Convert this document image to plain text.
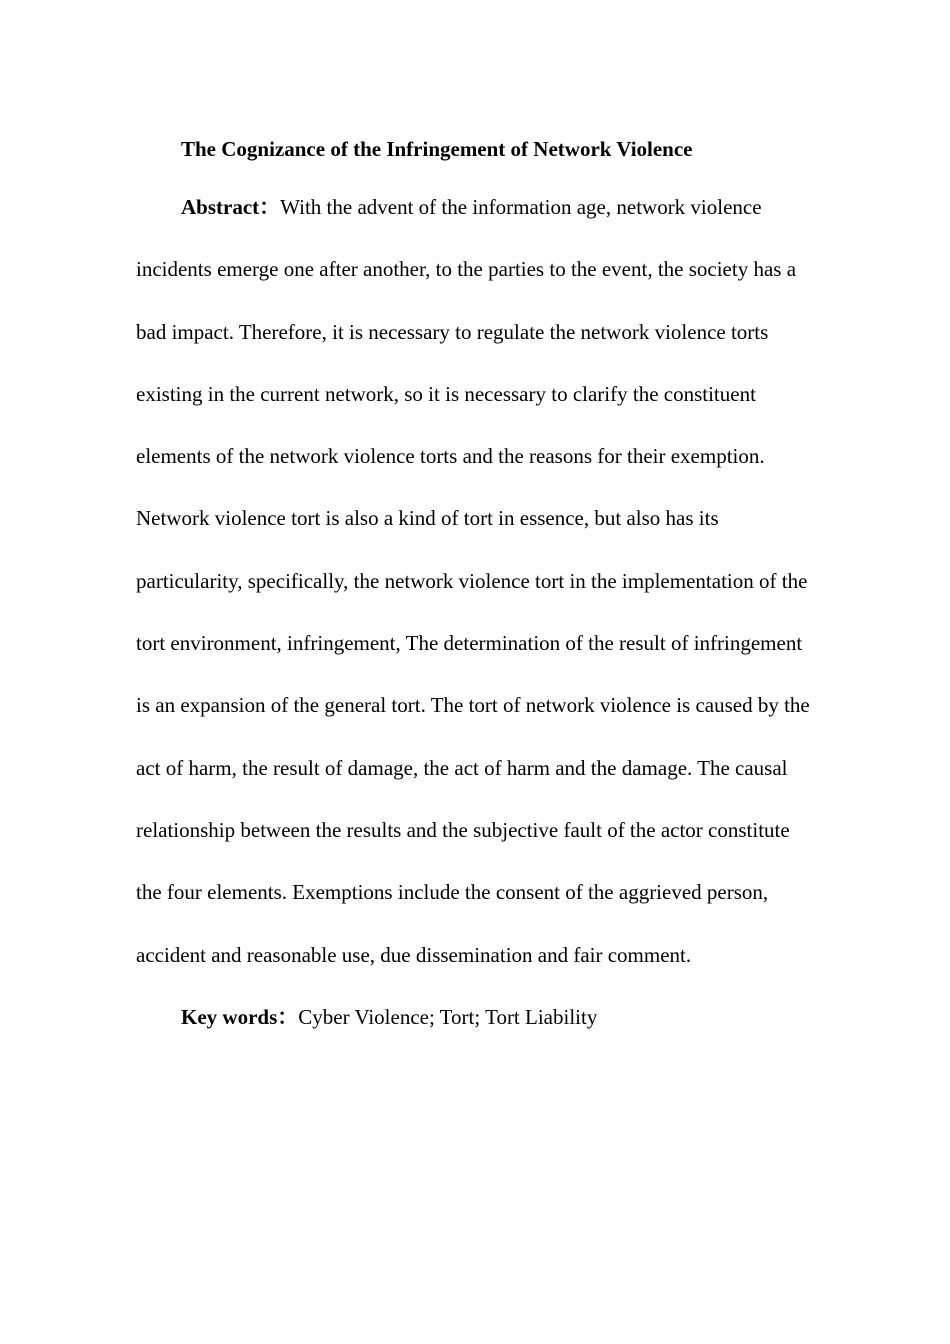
The Cognizance of the Infringement of Network Violence

Abstract：With the advent of the information age, network violence
incidents emerge one after another, to the parties to the event, the society has a
bad impact. Therefore, it is necessary to regulate the network violence torts
existing in the current network, so it is necessary to clarify the constituent
elements of the network violence torts and the reasons for their exemption.
Network violence tort is also a kind of tort in essence, but also has its
particularity, specifically, the network violence tort in the implementation of the
tort environment, infringement, The determination of the result of infringement
is an expansion of the general tort. The tort of network violence is caused by the
act of harm, the result of damage, the act of harm and the damage. The causal
relationship between the results and the subjective fault of the actor constitute
the four elements. Exemptions include the consent of the aggrieved person,
accident and reasonable use, due dissemination and fair comment.

Key words：Cyber Violence; Tort; Tort Liability
